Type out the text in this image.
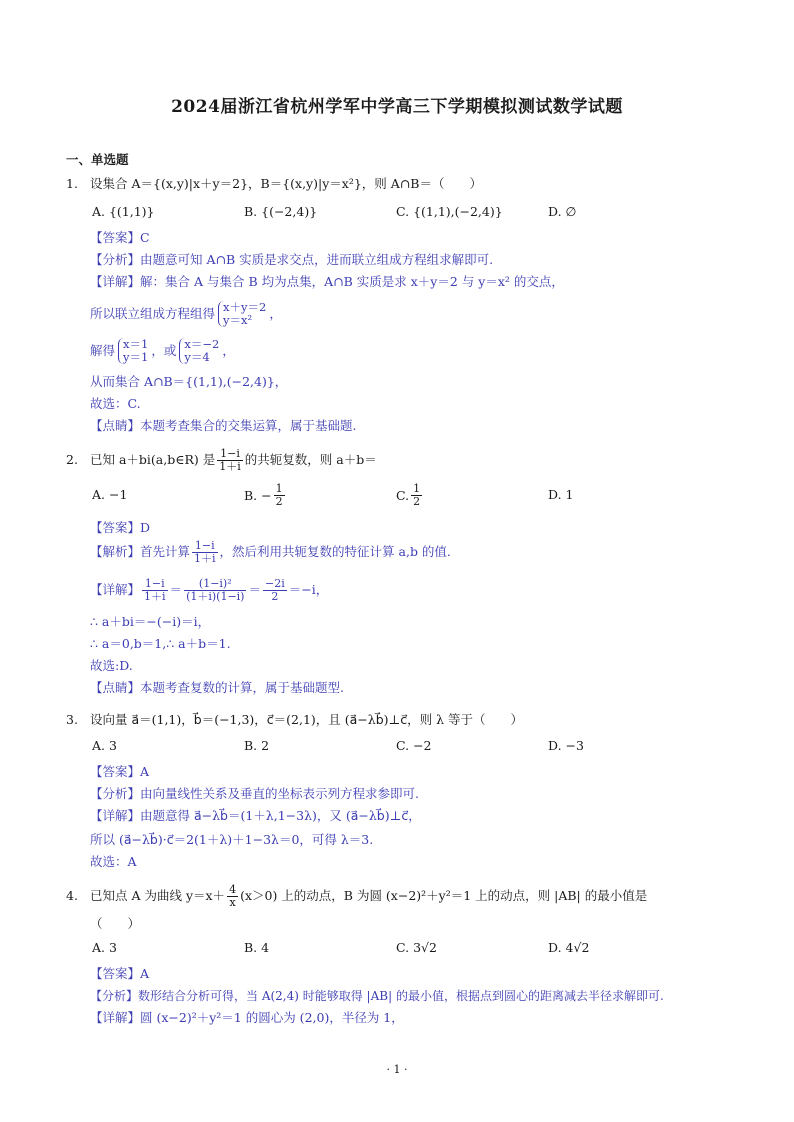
2024届浙江省杭州学军中学高三下学期模拟测试数学试题
一、单选题
1. 设集合 A＝{(x,y)|x＋y＝2}，B＝{(x,y)|y＝x²}，则 A∩B＝（　　）
A. {(1,1)}	B. {(−2,4)}	C. {(1,1),(−2,4)}	D. ∅
【答案】C
【分析】由题意可知 A∩B 实质是求交点，进而联立组成方程组求解即可.
【详解】解：集合 A 与集合 B 均为点集，A∩B 实质是求 x＋y＝2 与 y＝x² 的交点，
所以联立组成方程组得 x＋y＝2
y＝x²	，
解得 x＝1
y＝1 ，或 x＝−2
y＝4	，
从而集合 A∩B＝{(1,1),(−2,4)}，
故选：C.
【点睛】本题考查集合的交集运算，属于基础题.
2. 已知 a＋bi(a,b∈R) 是 $\frac{1-i}{1+i}$ 的共轭复数，则 a＋b＝
A. −1	B. − $\frac{1}{2}$	C. $\frac{1}{2}$	D. 1
【答案】D
【解析】首先计算 $\frac{1-i}{1+i}$ ，然后利用共轭复数的特征计算 a,b 的值.
【详解】 $\frac{1-i}{1+i} = \frac{\text{(1−i)²}}{(1+i)(1-i)} = \frac{-2i}{2} =-i$，
∴ a＋bi＝−(−i)＝i，
∴ a＝0,b＝1,∴ a＋b＝1.
故选:D.
【点睛】本题考查复数的计算，属于基础题型.
3. 设向量 a⃗＝(1,1)，b⃗＝(−1,3)，c⃗＝(2,1)，且 (a⃗−λb⃗)⊥c⃗，则 λ 等于（　　）
A. 3	B. 2	C. −2	D. −3
【答案】A
【分析】由向量线性关系及垂直的坐标表示列方程求参即可.
【详解】由题意得 a⃗−λb⃗＝(1＋λ,1−3λ)，又 (a⃗−λb⃗)⊥c⃗，
所以 (a⃗−λb⃗)·c⃗＝2(1＋λ)＋1−3λ＝0，可得 λ＝3.
故选：A
4. 已知点 A 为曲线 $y=x+ \frac{4}{x} (x>0)$ 上的动点，B 为圆 (x−2)²＋y²＝1 上的动点，则 |AB| 的最小值是
（　　）
A. 3	B. 4	C. 3√2	D. 4√2
【答案】A
【分析】数形结合分析可得，当 A(2,4) 时能够取得 |AB| 的最小值，根据点到圆心的距离减去半径求解即可.
【详解】圆 (x−2)²＋y²＝1 的圆心为 (2,0)，半径为 1，
· 1 ·
